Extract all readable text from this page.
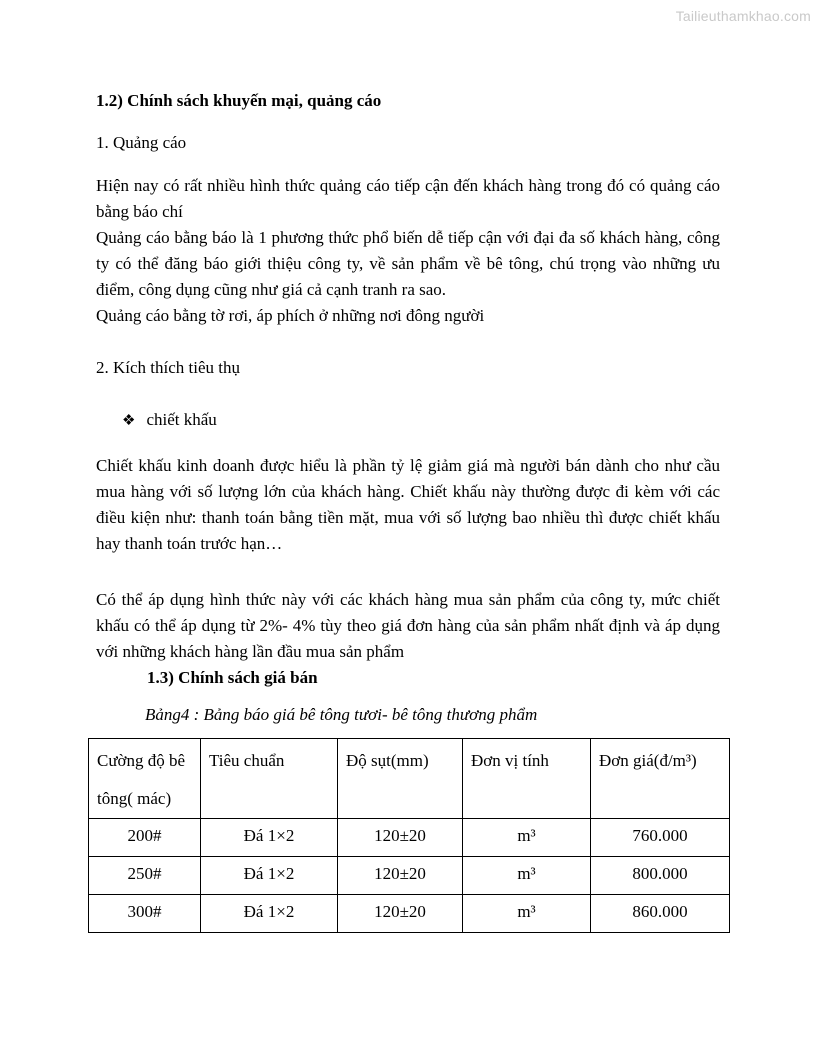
Tailieuthamkhao.com

1.2) Chính sách khuyến mại, quảng cáo

1. Quảng cáo

Hiện nay có rất nhiều hình thức quảng cáo tiếp cận đến khách hàng trong đó có quảng cáo bằng báo chí

Quảng cáo bằng báo là 1 phương thức phổ biến dễ tiếp cận với đại đa số khách hàng, công ty có thể đăng báo giới thiệu công ty, về sản phẩm về bê tông, chú trọng vào những ưu điểm, công dụng cũng như giá cả cạnh tranh ra sao.

Quảng cáo bằng tờ rơi, áp phích ở những nơi đông người

2. Kích thích tiêu thụ

❖ chiết khấu

Chiết khấu kinh doanh được hiểu là phần tỷ lệ giảm giá mà người bán dành cho như cầu mua hàng với số lượng lớn của khách hàng. Chiết khấu này thường được đi kèm với các điều kiện như: thanh toán bằng tiền mặt, mua với số lượng bao nhiều thì được chiết khấu hay thanh toán trước hạn…

Có thể áp dụng hình thức này với các khách hàng mua sản phẩm của công ty, mức chiết khấu có thể áp dụng từ 2%- 4% tùy theo giá đơn hàng của sản phẩm nhất định và áp dụng với những khách hàng lần đầu mua sản phẩm

1.3) Chính sách giá bán

Bảng4 : Bảng báo giá bê tông tươi- bê tông thương phẩm

Cường độ bê tông( mác)	Tiêu chuẩn	Độ sụt(mm)	Đơn vị tính	Đơn giá(đ/m³)
200#	Đá 1×2	120±20	m³	760.000
250#	Đá 1×2	120±20	m³	800.000
300#	Đá 1×2	120±20	m³	860.000
